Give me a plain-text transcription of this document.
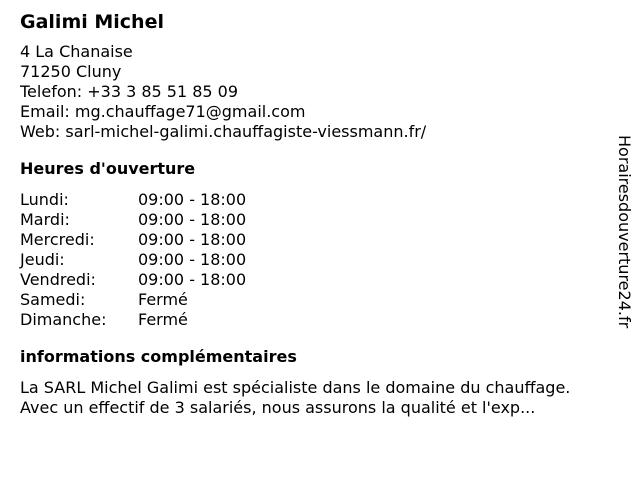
Galimi Michel
4 La Chanaise
71250 Cluny
Telefon: +33 3 85 51 85 09
Email: mg.chauffage71@gmail.com
Web: sarl-michel-galimi.chauffagiste-viessmann.fr/
Heures d'ouverture
Lundi:	09:00 - 18:00
Mardi:	09:00 - 18:00
Mercredi:	09:00 - 18:00
Jeudi:	09:00 - 18:00
Vendredi:	09:00 - 18:00
Samedi:	Fermé
Dimanche:	Fermé
informations complémentaires
La SARL Michel Galimi est spécialiste dans le domaine du chauffage.
Avec un effectif de 3 salariés, nous assurons la qualité et l'exp...
Horairesdouverture24.fr
